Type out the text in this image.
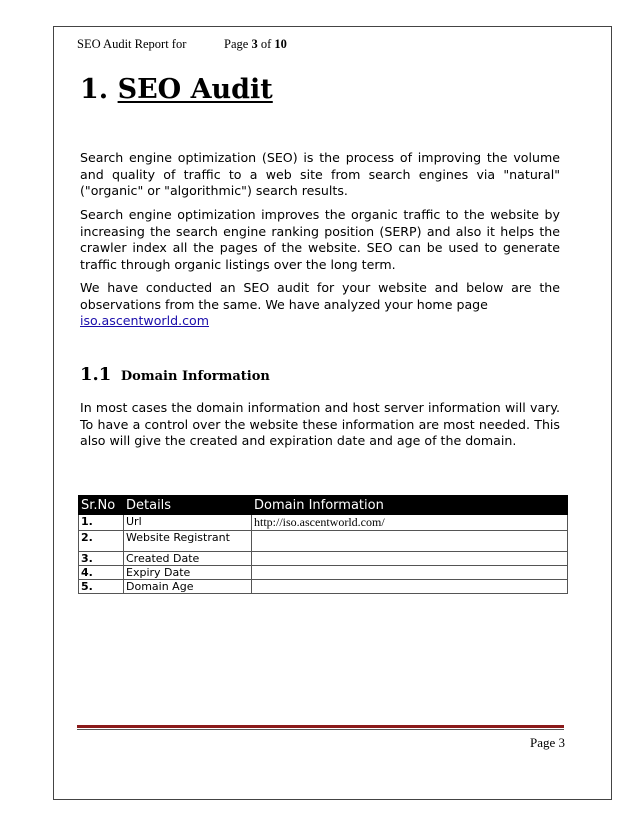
SEO Audit Report for	Page 3 of 10
1. SEO Audit
Search engine optimization (SEO) is the process of improving the volume and quality of traffic to a web site from search engines via "natural" ("organic" or "algorithmic") search results.
Search engine optimization improves the organic traffic to the website by increasing the search engine ranking position (SERP) and also it helps the crawler index all the pages of the website. SEO can be used to generate traffic through organic listings over the long term.
We have conducted an SEO audit for your website and below are the observations from the same. We have analyzed your home page
iso.ascentworld.com
1.1 Domain Information
In most cases the domain information and host server information will vary. To have a control over the website these information are most needed. This also will give the created and expiration date and age of the domain.
Sr.No	Details	Domain Information
1.	Url	http://iso.ascentworld.com/
2.	Website Registrant	
3.	Created Date	
4.	Expiry Date	
5.	Domain Age	
Page 3
